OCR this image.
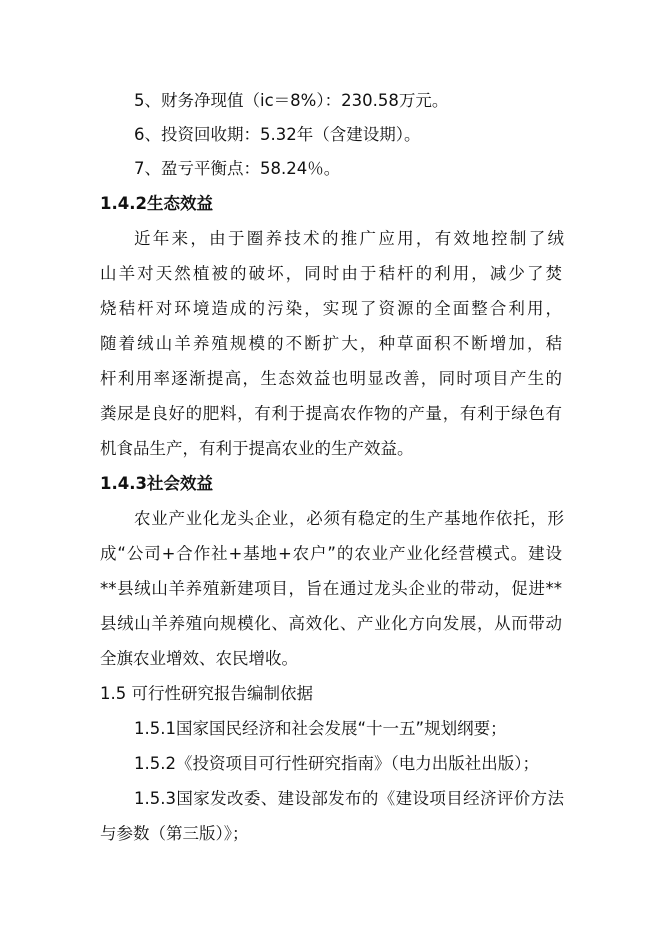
5、财务净现值（ic＝8%）：230.58万元。
6、投资回收期：5.32年（含建设期）。
7、盈亏平衡点：58.24％。
1.4.2生态效益
近年来，由于圈养技术的推广应用，有效地控制了绒
山羊对天然植被的破坏，同时由于秸杆的利用，减少了焚
烧秸杆对环境造成的污染，实现了资源的全面整合利用，
随着绒山羊养殖规模的不断扩大，种草面积不断增加，秸
杆利用率逐渐提高，生态效益也明显改善，同时项目产生的
粪尿是良好的肥料，有利于提高农作物的产量，有利于绿色有
机食品生产，有利于提高农业的生产效益。
1.4.3社会效益
农业产业化龙头企业，必须有稳定的生产基地作依托，形
成“公司+合作社+基地+农户”的农业产业化经营模式。建设
**县绒山羊养殖新建项目，旨在通过龙头企业的带动，促进**
县绒山羊养殖向规模化、高效化、产业化方向发展，从而带动
全旗农业增效、农民增收。
1.5 可行性研究报告编制依据
1.5.1国家国民经济和社会发展“十一五”规划纲要；
1.5.2《投资项目可行性研究指南》（电力出版社出版）；
1.5.3国家发改委、建设部发布的《建设项目经济评价方法
与参数（第三版）》；
